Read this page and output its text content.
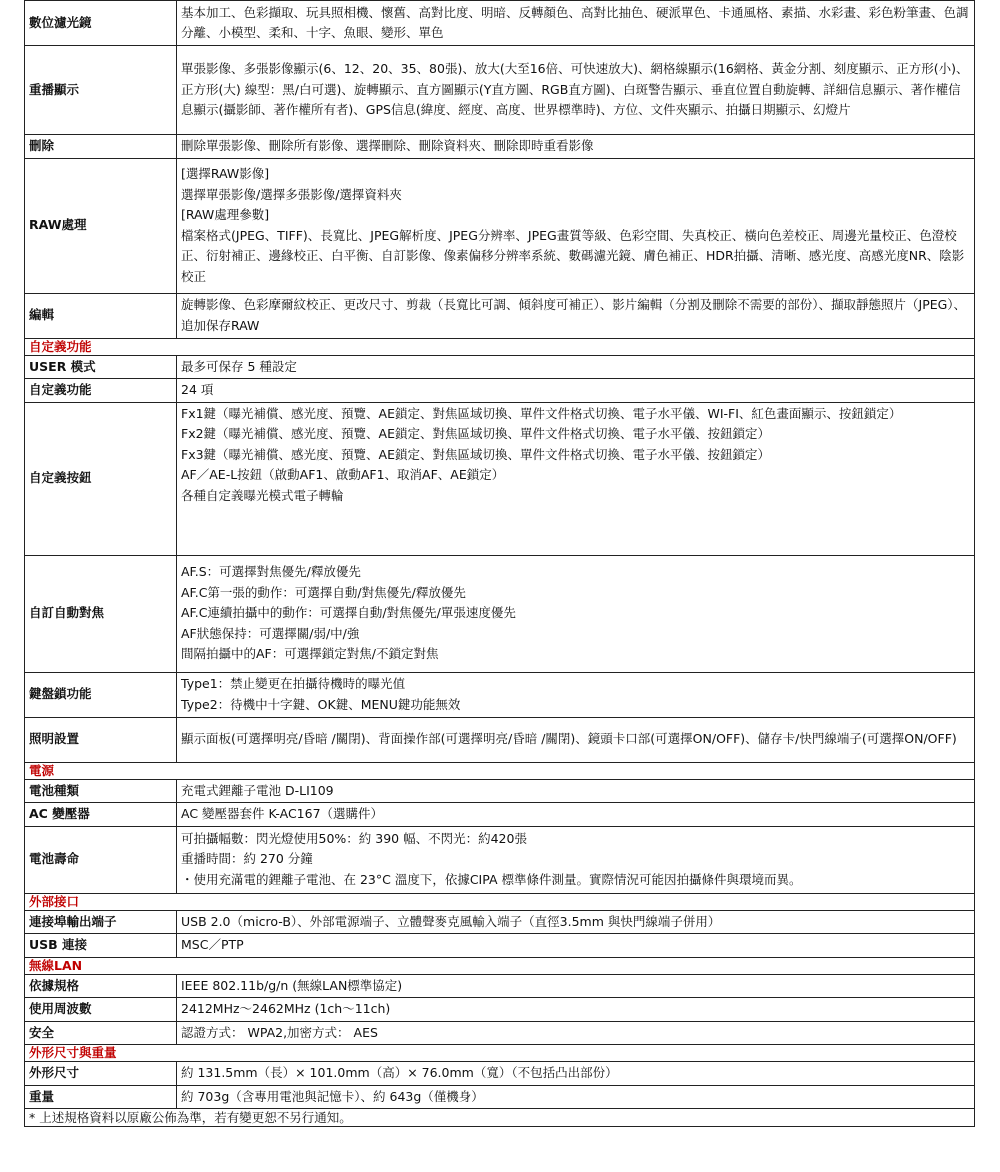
數位濾光鏡	基本加工、色彩擷取、玩具照相機、懷舊、高對比度、明暗、反轉顏色、高對比抽色、硬派單色、卡通風格、素描、水彩畫、彩色粉筆畫、色調分離、小模型、柔和、十字、魚眼、變形、單色

重播顯示	單張影像、多張影像顯示(6、12、20、35、80張)、放大(大至16倍、可快速放大)、網格線顯示(16網格、黃金分割、刻度顯示、正方形(小)、正方形(大) 線型：黑/白可選)、旋轉顯示、直方圖顯示(Y直方圖、RGB直方圖)、白斑警告顯示、垂直位置自動旋轉、詳細信息顯示、著作權信息顯示(攝影師、著作權所有者)、GPS信息(緯度、經度、高度、世界標準時)、方位、文件夾顯示、拍攝日期顯示、幻燈片

刪除	刪除單張影像、刪除所有影像、選擇刪除、刪除資料夾、刪除即時重看影像

RAW處理	[選擇RAW影像]
選擇單張影像/選擇多張影像/選擇資料夾
[RAW處理參數]
檔案格式(JPEG、TIFF)、長寬比、JPEG解析度、JPEG分辨率、JPEG畫質等級、色彩空間、失真校正、橫向色差校正、周邊光量校正、色澄校正、衍射補正、邊緣校正、白平衡、自訂影像、像素偏移分辨率系統、數碼濾光鏡、膚色補正、HDR拍攝、清晰、感光度、高感光度NR、陰影校正

編輯	旋轉影像、色彩摩爾紋校正、更改尺寸、剪裁（長寬比可調、傾斜度可補正）、影片編輯（分割及刪除不需要的部份）、擷取靜態照片（JPEG）、追加保存RAW

自定義功能	
USER 模式	最多可保存 5 種設定

自定義功能	24 項

自定義按鈕	Fx1鍵（曝光補償、感光度、預覽、AE鎖定、對焦區域切換、單件文件格式切換、電子水平儀、WI-FI、紅色畫面顯示、按鈕鎖定）
Fx2鍵（曝光補償、感光度、預覽、AE鎖定、對焦區域切換、單件文件格式切換、電子水平儀、按鈕鎖定）
Fx3鍵（曝光補償、感光度、預覽、AE鎖定、對焦區域切換、單件文件格式切換、電子水平儀、按鈕鎖定）
AF／AE-L按鈕（啟動AF1、啟動AF1、取消AF、AE鎖定）
各種自定義曝光模式電子轉輪

自訂自動對焦	AF.S：可選擇對焦優先/釋放優先
AF.C第一張的動作：可選擇自動/對焦優先/釋放優先
AF.C連續拍攝中的動作：可選擇自動/對焦優先/單張速度優先
AF狀態保持：可選擇關/弱/中/強
間隔拍攝中的AF：可選擇鎖定對焦/不鎖定對焦

鍵盤鎖功能	Type1：禁止變更在拍攝待機時的曝光值
Type2：待機中十字鍵、OK鍵、MENU鍵功能無效

照明設置	顯示面板(可選擇明亮/昏暗 /關閉)、背面操作部(可選擇明亮/昏暗 /關閉)、鏡頭卡口部(可選擇ON/OFF)、儲存卡/快門線端子(可選擇ON/OFF)

電源	
電池種類	充電式鋰離子電池 D-LI109

AC 變壓器	AC 變壓器套件 K-AC167（選購件）

電池壽命	可拍攝幅數：閃光燈使用50%：約 390 幅、不閃光：約420張
重播時間：約 270 分鐘
・使用充滿電的鋰離子電池、在 23°C 溫度下，依據CIPA 標準條件測量。實際情況可能因拍攝條件與環境而異。

外部接口	
連接埠輸出端子	USB 2.0（micro-B）、外部電源端子、立體聲麥克風輸入端子（直徑3.5mm 與快門線端子併用）

USB 連接	MSC／PTP

無線LAN	
依據規格	IEEE 802.11b/g/n (無線LAN標準協定)

使用周波數	2412MHz～2462MHz (1ch～11ch)

安全	認證方式： WPA2,加密方式： AES

外形尺寸與重量	
外形尺寸	約 131.5mm（長）× 101.0mm（高）× 76.0mm（寬）（不包括凸出部份）

重量	約 703g（含專用電池與記憶卡）、約 643g（僅機身）

* 上述規格資料以原廠公佈為準，若有變更恕不另行通知。	
